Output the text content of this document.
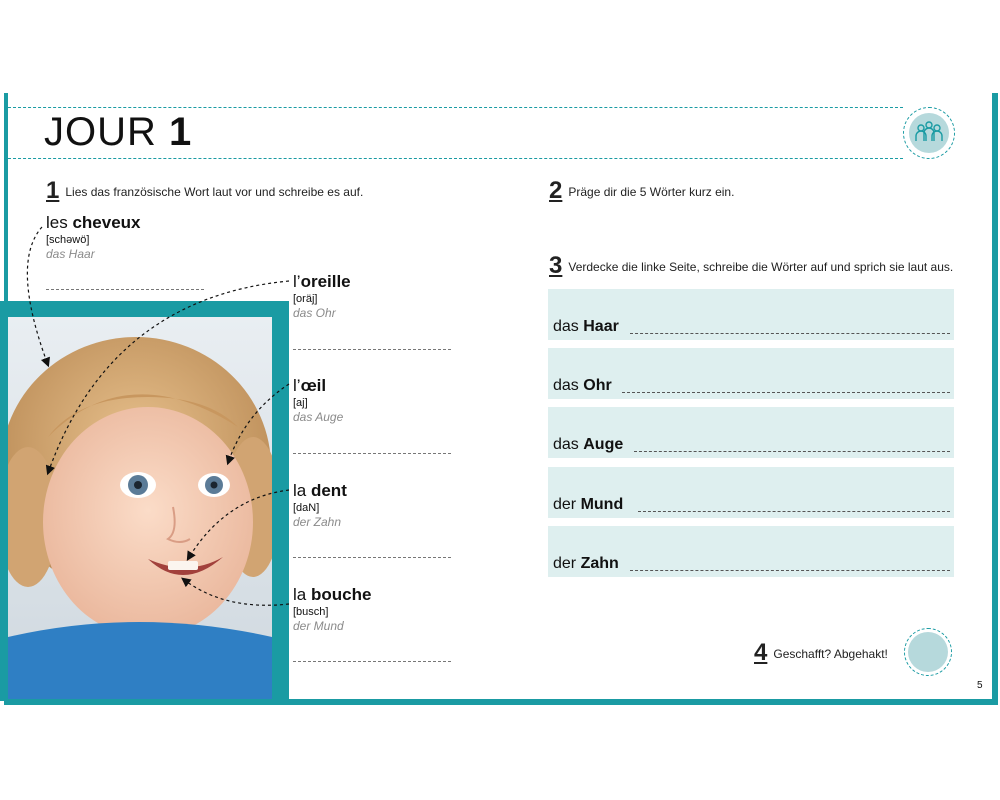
JOUR 1
1 Lies das französische Wort laut vor und schreibe es auf.	2 Präge dir die 5 Wörter kurz ein.
3 Verdecke die linke Seite, schreibe die Wörter auf und sprich sie laut aus.
4 Geschafft? Abgehakt!
les cheveux
[schəwö]
das Haar
l’oreille
[oräj]
das Ohr
l’œil
[aj]
das Auge
la dent
[daN]
der Zahn
la bouche
[busch]
der Mund
das Haar
das Ohr
das Auge
der Mund
der Zahn
5
